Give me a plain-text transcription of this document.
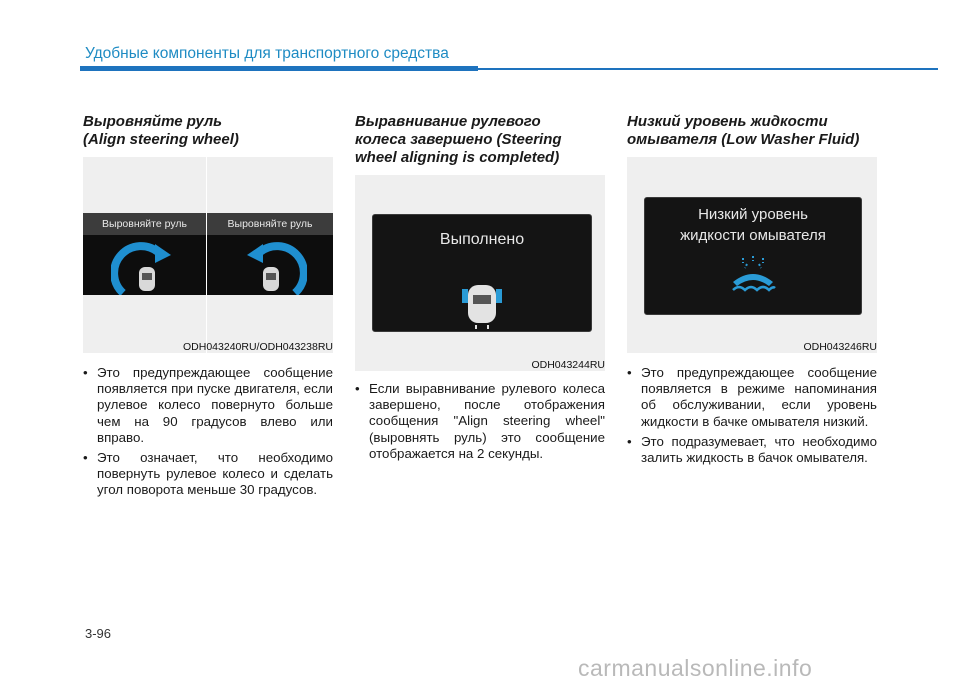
Удобные компоненты для транспортного средства

Выровняйте руль

(Align steering wheel)

Выровняйте руль	Выровняйте руль
ODH043240RU/ODH043238RU
• Это предупреждающее сообщение появляется при пуске двигателя, если рулевое колесо повернуто больше чем на 90 градусов влево или вправо.
• Это означает, что необходимо повернуть рулевое колесо и сделать угол поворота меньше 30 градусов.

Выравнивание рулевого

колеса завершено (Steering

wheel aligning is completed)

Выполнено
ODH043244RU
• Если выравнивание рулевого колеса завершено, после отображения сообщения "Align steering wheel" (выровнять руль) это сообщение отображается на 2 секунды.

Низкий уровень жидкости

омывателя (Low Washer Fluid)

Низкий уровень
жидкости омывателя
ODH043246RU
• Это предупреждающее сообщение появляется в режиме напоминания об обслуживании, если уровень жидкости в бачке омывателя низкий.
• Это подразумевает, что необходимо залить жидкость в бачок омывателя.
3-96
carmanualsonline.info
